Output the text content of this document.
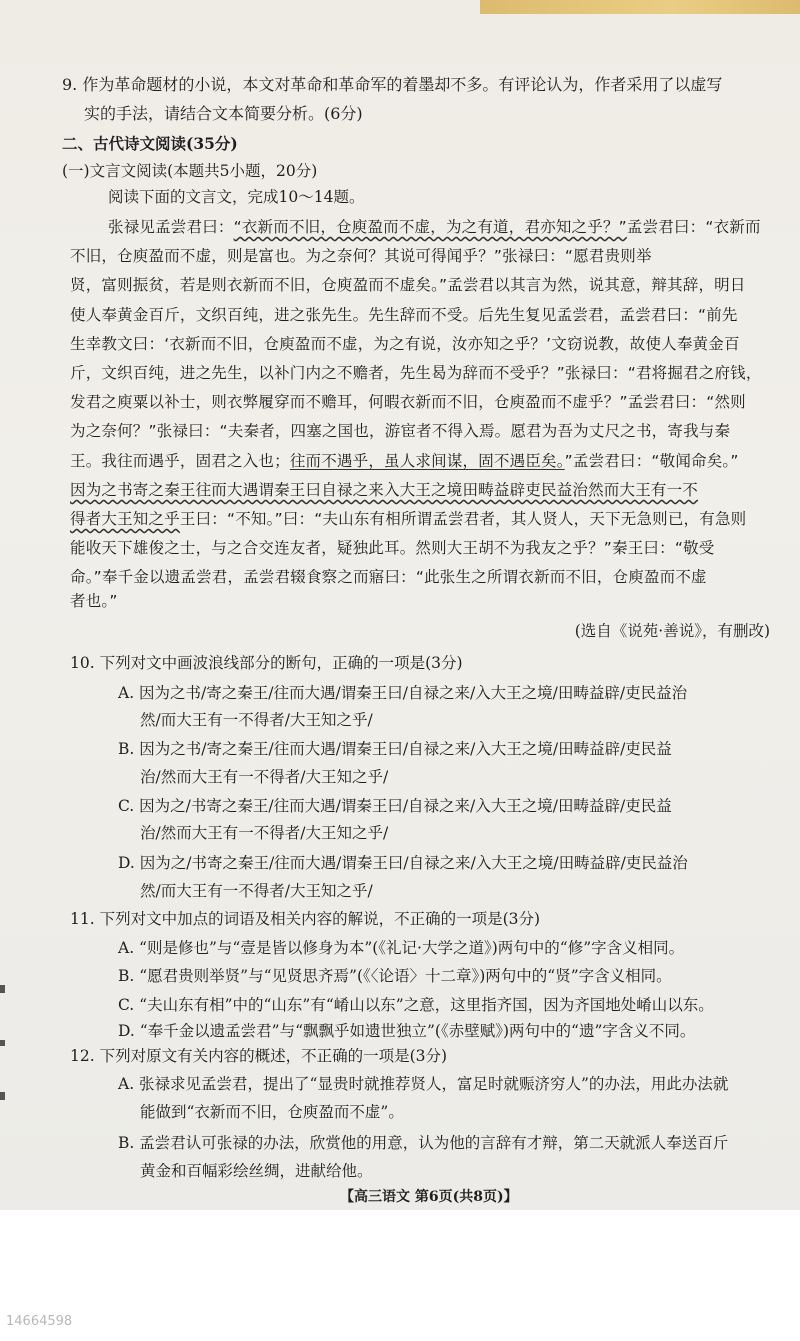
9. 作为革命题材的小说，本文对革命和革命军的着墨却不多。有评论认为，作者采用了以虚写
实的手法，请结合文本简要分析。(6分)
二、古代诗文阅读(35分)
(一)文言文阅读(本题共5小题，20分)
阅读下面的文言文，完成10～14题。
张禄见孟尝君曰：“衣新而不旧，仓庾盈而不虚，为之有道，君亦知之乎？”孟尝君曰：“衣新而
不旧，仓庾盈而不虚，则是富也。为之奈何？其说可得闻乎？”张禄曰：“愿君贵则举
贤，富则振贫，若是则衣新而不旧，仓庾盈而不虚矣。”孟尝君以其言为然，说其意，辩其辞，明日
使人奉黄金百斤，文织百纯，进之张先生。先生辞而不受。后先生复见孟尝君，孟尝君曰：“前先
生幸教文曰：‘衣新而不旧，仓庾盈而不虚，为之有说，汝亦知之乎？’文窃说教，故使人奉黄金百
斤，文织百纯，进之先生，以补门内之不赡者，先生曷为辞而不受乎？”张禄曰：“君将掘君之府钱，
发君之庾粟以补士，则衣弊履穿而不赡耳，何暇衣新而不旧，仓庾盈而不虚乎？”孟尝君曰：“然则
为之奈何？”张禄曰：“夫秦者，四塞之国也，游宦者不得入焉。愿君为吾为丈尺之书，寄我与秦
王。我往而遇乎，固君之入也；往而不遇乎，虽人求间谋，固不遇臣矣。”孟尝君曰：“敬闻命矣。”
因为之书寄之秦王往而大遇谓秦王曰自禄之来入大王之境田畴益辟吏民益治然而大王有一不
得者大王知之乎王曰：“不知。”曰：“夫山东有相所谓孟尝君者，其人贤人，天下无急则已，有急则
能收天下雄俊之士，与之合交连友者，疑独此耳。然则大王胡不为我友之乎？”秦王曰：“敬受
命。”奉千金以遗孟尝君，孟尝君辍食察之而寤曰：“此张生之所谓衣新而不旧，仓庾盈而不虚
者也。”
(选自《说苑·善说》，有删改)
10. 下列对文中画波浪线部分的断句，正确的一项是(3分)
A. 因为之书/寄之秦王/往而大遇/谓秦王曰/自禄之来/入大王之境/田畴益辟/吏民益治
然/而大王有一不得者/大王知之乎/
B. 因为之书/寄之秦王/往而大遇/谓秦王曰/自禄之来/入大王之境/田畴益辟/吏民益
治/然而大王有一不得者/大王知之乎/
C. 因为之/书寄之秦王/往而大遇/谓秦王曰/自禄之来/入大王之境/田畴益辟/吏民益
治/然而大王有一不得者/大王知之乎/
D. 因为之/书寄之秦王/往而大遇/谓秦王曰/自禄之来/入大王之境/田畴益辟/吏民益治
然/而大王有一不得者/大王知之乎/
11. 下列对文中加点的词语及相关内容的解说，不正确的一项是(3分)
A. “则是修也”与“壹是皆以修身为本”(《礼记·大学之道》)两句中的“修”字含义相同。
B. “愿君贵则举贤”与“见贤思齐焉”(《〈论语〉十二章》)两句中的“贤”字含义相同。
C. “夫山东有相”中的“山东”有“崤山以东”之意，这里指齐国，因为齐国地处崤山以东。
D. “奉千金以遗孟尝君”与“飘飘乎如遗世独立”(《赤壁赋》)两句中的“遗”字含义不同。
12. 下列对原文有关内容的概述，不正确的一项是(3分)
A. 张禄求见孟尝君，提出了“显贵时就推荐贤人，富足时就赈济穷人”的办法，用此办法就
能做到“衣新而不旧，仓庾盈而不虚”。
B. 孟尝君认可张禄的办法，欣赏他的用意，认为他的言辞有才辩，第二天就派人奉送百斤
黄金和百幅彩绘丝绸，进献给他。
【高三语文 第6页(共8页)】
14664598
